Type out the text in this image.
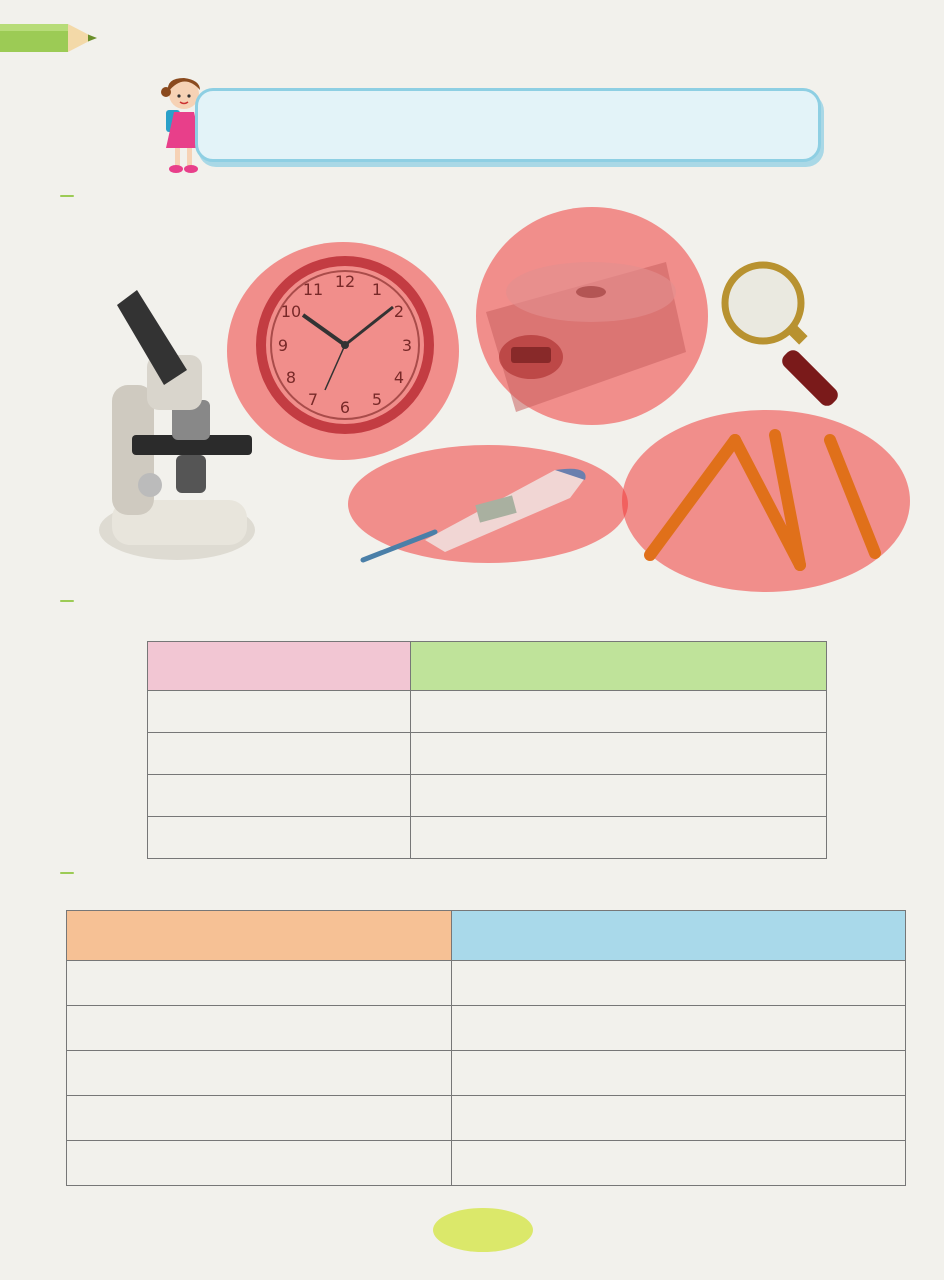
12 1
2
3
4
5
6
7
8
9
10
11
